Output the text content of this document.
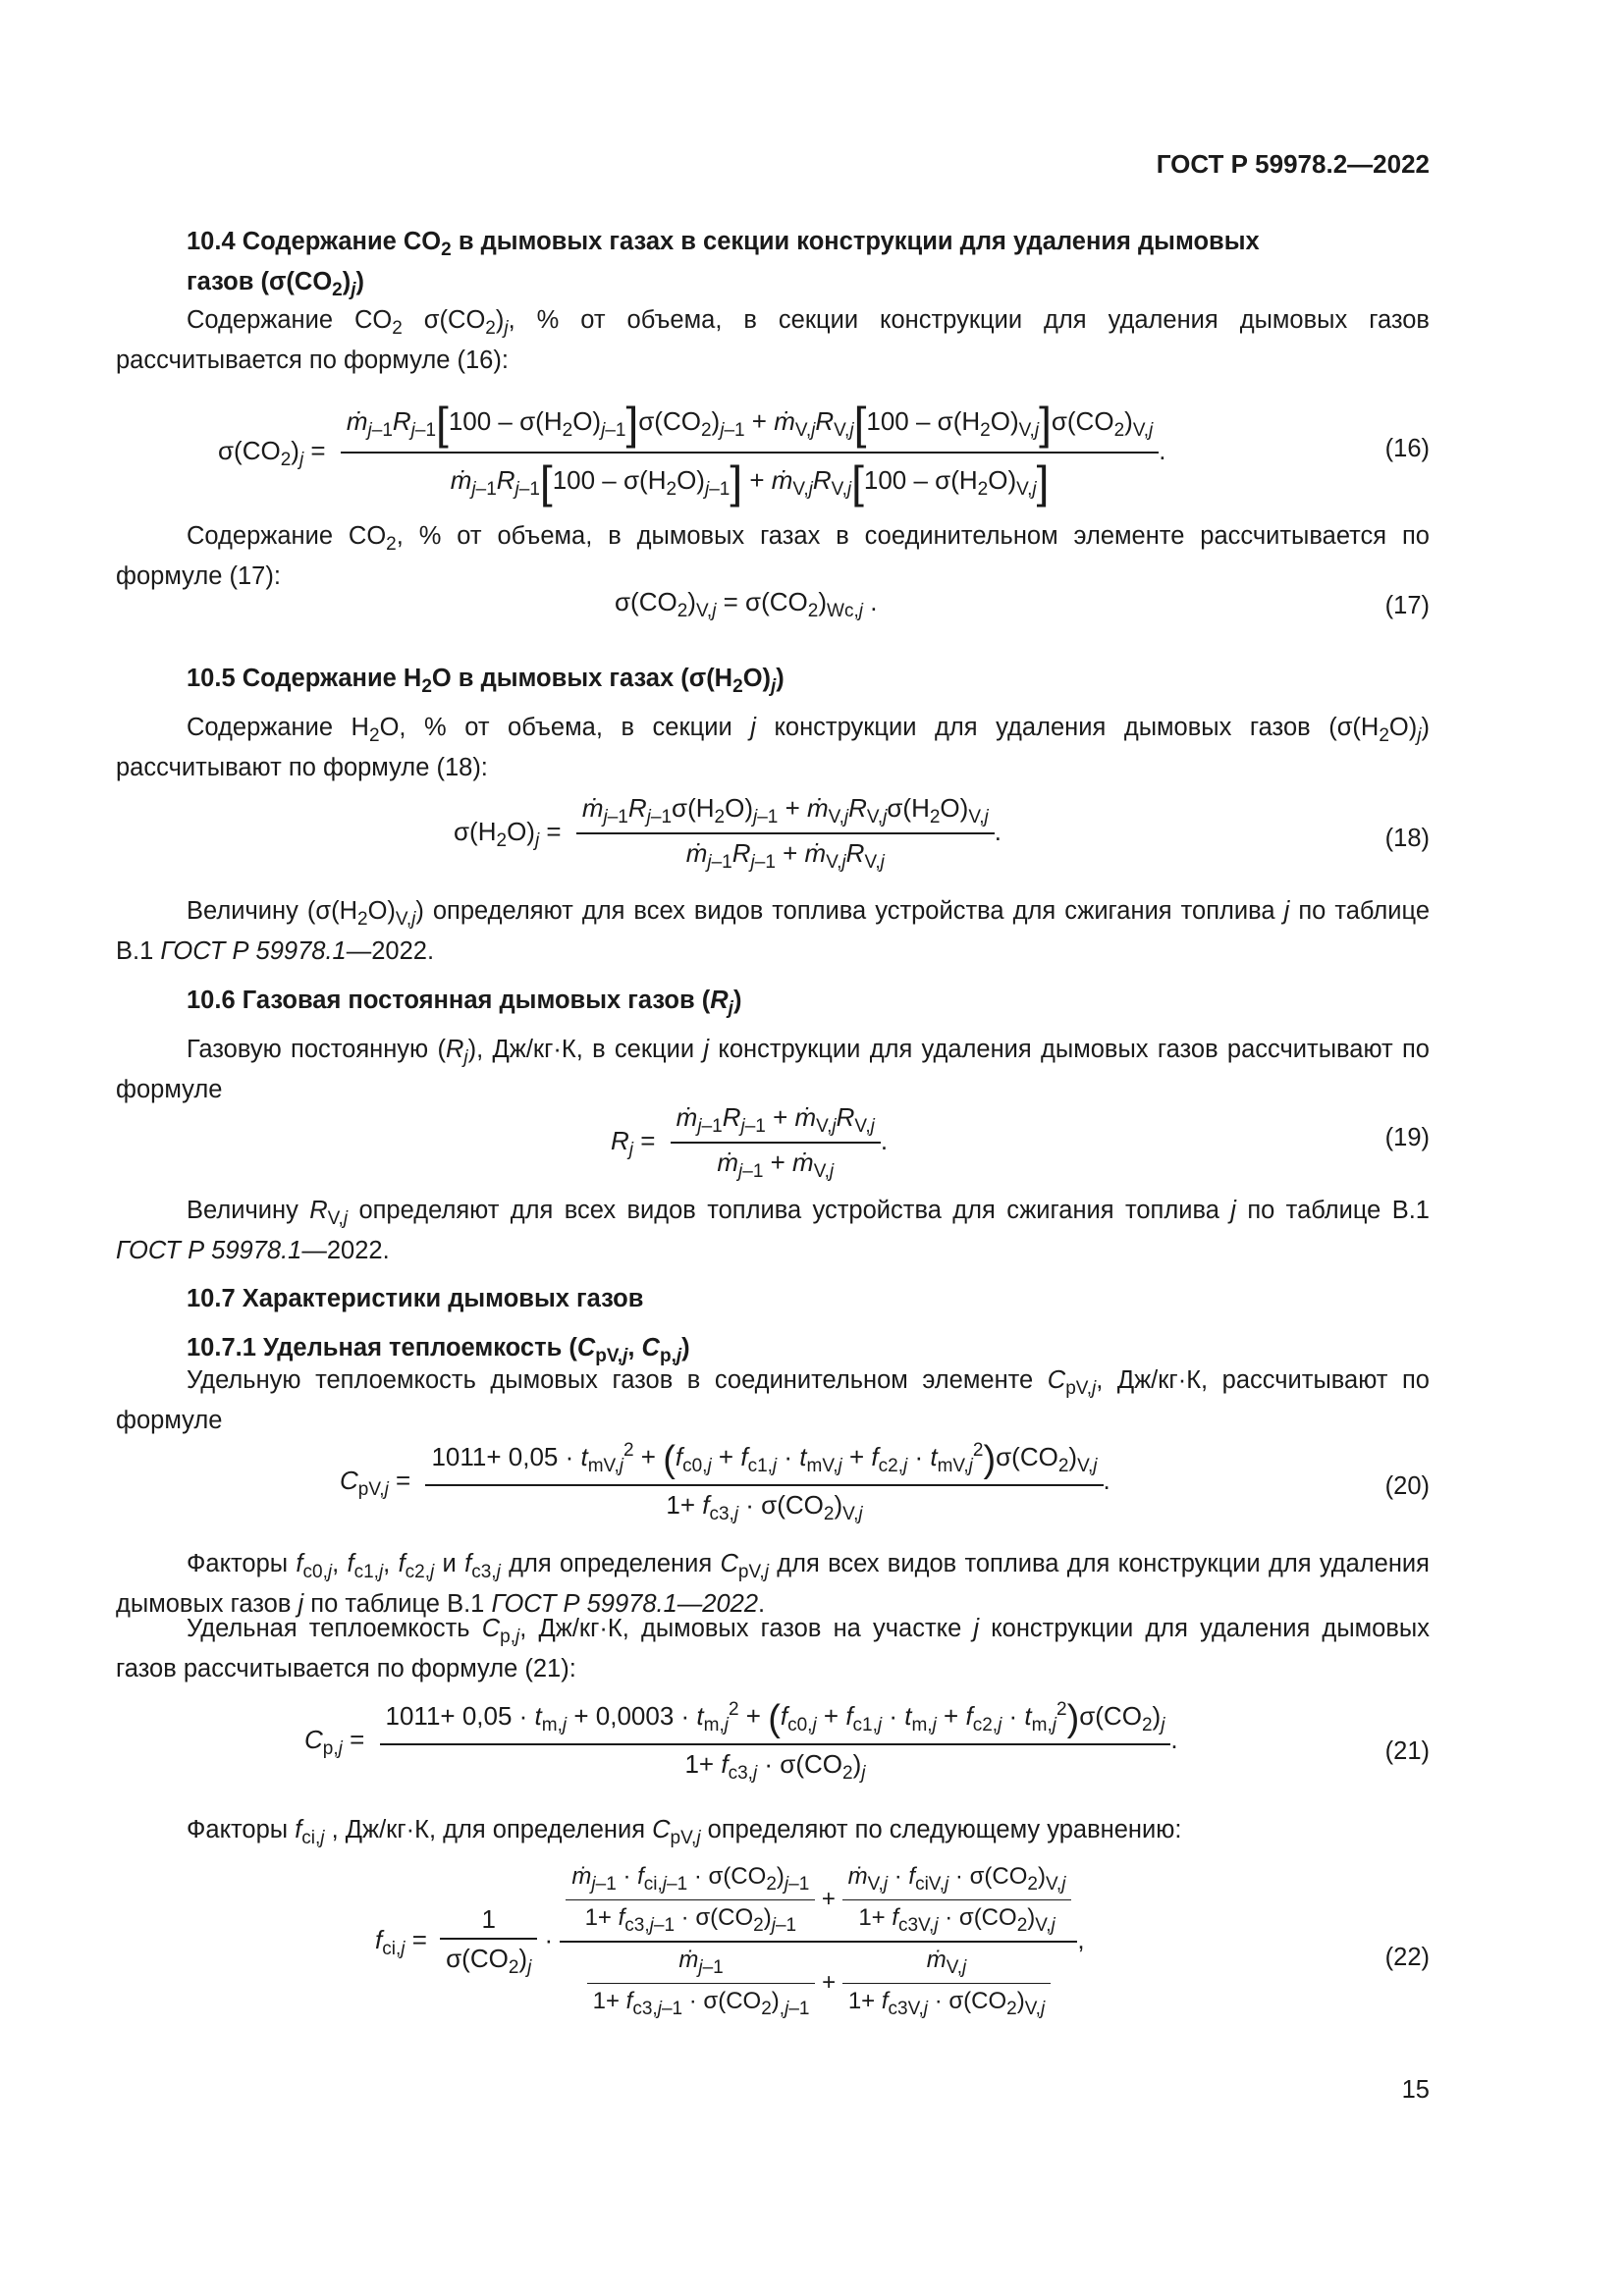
ГОСТ Р 59978.2—2022
10.4 Содержание $CO_2$ в дымовых газах в секции конструкции для удаления дымовых
газов $(\sigma(CO_2)_j)$
Содержание $CO_2$ $\sigma(CO_2)_j$, % от объема, в секции конструкции для удаления дымовых газов рассчитывается по формуле (16):
$\sigma(CO_2)_j$ =
$ṁ_{j-1}R_{j-1}[100 - \sigma(H_2O)_{j-1}]\sigma(CO_2)_{j-1}$ + $ṁ_{V,j}R_{V,j}[100 - \sigma(H_2O)_{V,j}]\sigma(CO_2)_{V,j}$
$ṁ_{j-1}R_{j-1}[100 - \sigma(H_2O)_{j-1}]$ + $ṁ_{V,j}R_{V,j}[100 - \sigma(H_2O)_{V,j}]$
.	(16)
Содержание $CO_2$, % от объема, в дымовых газах в соединительном элементе рассчитывается по формуле (17):
$\sigma(CO_2)_{V,j} = \sigma(CO_2)_{Wc,j}$ .	(17)
10.5 Содержание $H_2O$ в дымовых газах $(\sigma(H_2O)_j)$
Содержание $H_2O$, % от объема, в секции j конструкции для удаления дымовых газов $(\sigma(H_2O)_j)$ рассчитывают по формуле (18):
$\sigma(H_2O)_j = \frac{ṁ_{j-1}R_{j-1}\sigma(H_2O)_{j-1} + ṁ_{V,j}R_{V,j}\sigma(H_2O)_{V,j}}{ṁ_{j-1}R_{j-1} + ṁ_{V,j}R_{V,j}}$ .	(18)
Величину $(\sigma(H_2O)_{V,j})$ определяют для всех видов топлива устройства для сжигания топлива j по таблице В.1 ГОСТ Р 59978.1—2022.
10.6 Газовая постоянная дымовых газов $(R_j)$
Газовую постоянную $(R_j)$, Дж/кг·К, в секции j конструкции для удаления дымовых газов рассчитывают по формуле
$R_j = \frac{ṁ_{j-1}R_{j-1} + ṁ_{V,j}R_{V,j}}{ṁ_{j-1} + ṁ_{V,j}}$ .	(19)
Величину $R_{V,j}$ определяют для всех видов топлива устройства для сжигания топлива j по таблице В.1 ГОСТ Р 59978.1—2022.
10.7 Характеристики дымовых газов
10.7.1 Удельная теплоемкость ($C_{pV,j}$, $C_{p,j}$)
Удельную теплоемкость дымовых газов в соединительном элементе $C_{pV,j}$, Дж/кг·К, рассчитывают по формуле
$C_{pV,j}$ =
$1011+ 0,05 \cdot t_{mV,j}^2 + (f_{c0,j} + f_{c1,j} \cdot t_{mV,j} + f_{c2,j} \cdot t_{mV,j}^2)\sigma(CO_2)_{V,j}$
$1+ f_{c3,j} \cdot \sigma(CO_2)_{V,j}$
.	(20)
Факторы $f_{c0,j}$, $f_{c1,j}$, $f_{c2,j}$ и $f_{c3,j}$ для определения $C_{pV,j}$ для всех видов топлива для конструкции для удаления дымовых газов j по таблице В.1 ГОСТ Р 59978.1—2022.
Удельная теплоемкость $C_{p,j}$, Дж/кг·К, дымовых газов на участке j конструкции для удаления дымовых газов рассчитывается по формуле (21):
$C_{p,j}$ =
$1011+ 0,05 \cdot t_{m,j} + 0,0003 \cdot t_{m,j}^2 + (f_{c0,j} + f_{c1,j} \cdot t_{m,j} + f_{c2,j} \cdot t_{m,j}^2)\sigma(CO_2)_j$
$1+ f_{c3,j} \cdot \sigma(CO_2)_j$
.	(21)
Факторы $f_{ci,j}$ , Дж/кг·К, для определения $C_{pV,j}$ определяют по следующему уравнению:
$f_{ci,j} = \frac{1}{\sigma(CO_2)_j}$ ·
$\frac{ṁ_{j-1} \cdot f_{ci,j-1} \cdot \sigma(CO_2)_{j-1}}{1+ f_{c3,j-1} \cdot \sigma(CO_2)_{j-1}} + \frac{ṁ_{V,j} \cdot f_{ciV,j} \cdot \sigma(CO_2)_{V,j}}{1+ f_{c3V,j} \cdot \sigma(CO_2)_{V,j}}$
$\frac{ṁ_{j-1}}{1+ f_{c3,j-1} \cdot \sigma(CO_2)_{,j-1}} + \frac{ṁ_{V,j}}{1+ f_{c3V,j} \cdot \sigma(CO_2)_{V,j}}$
,
(22)
15
